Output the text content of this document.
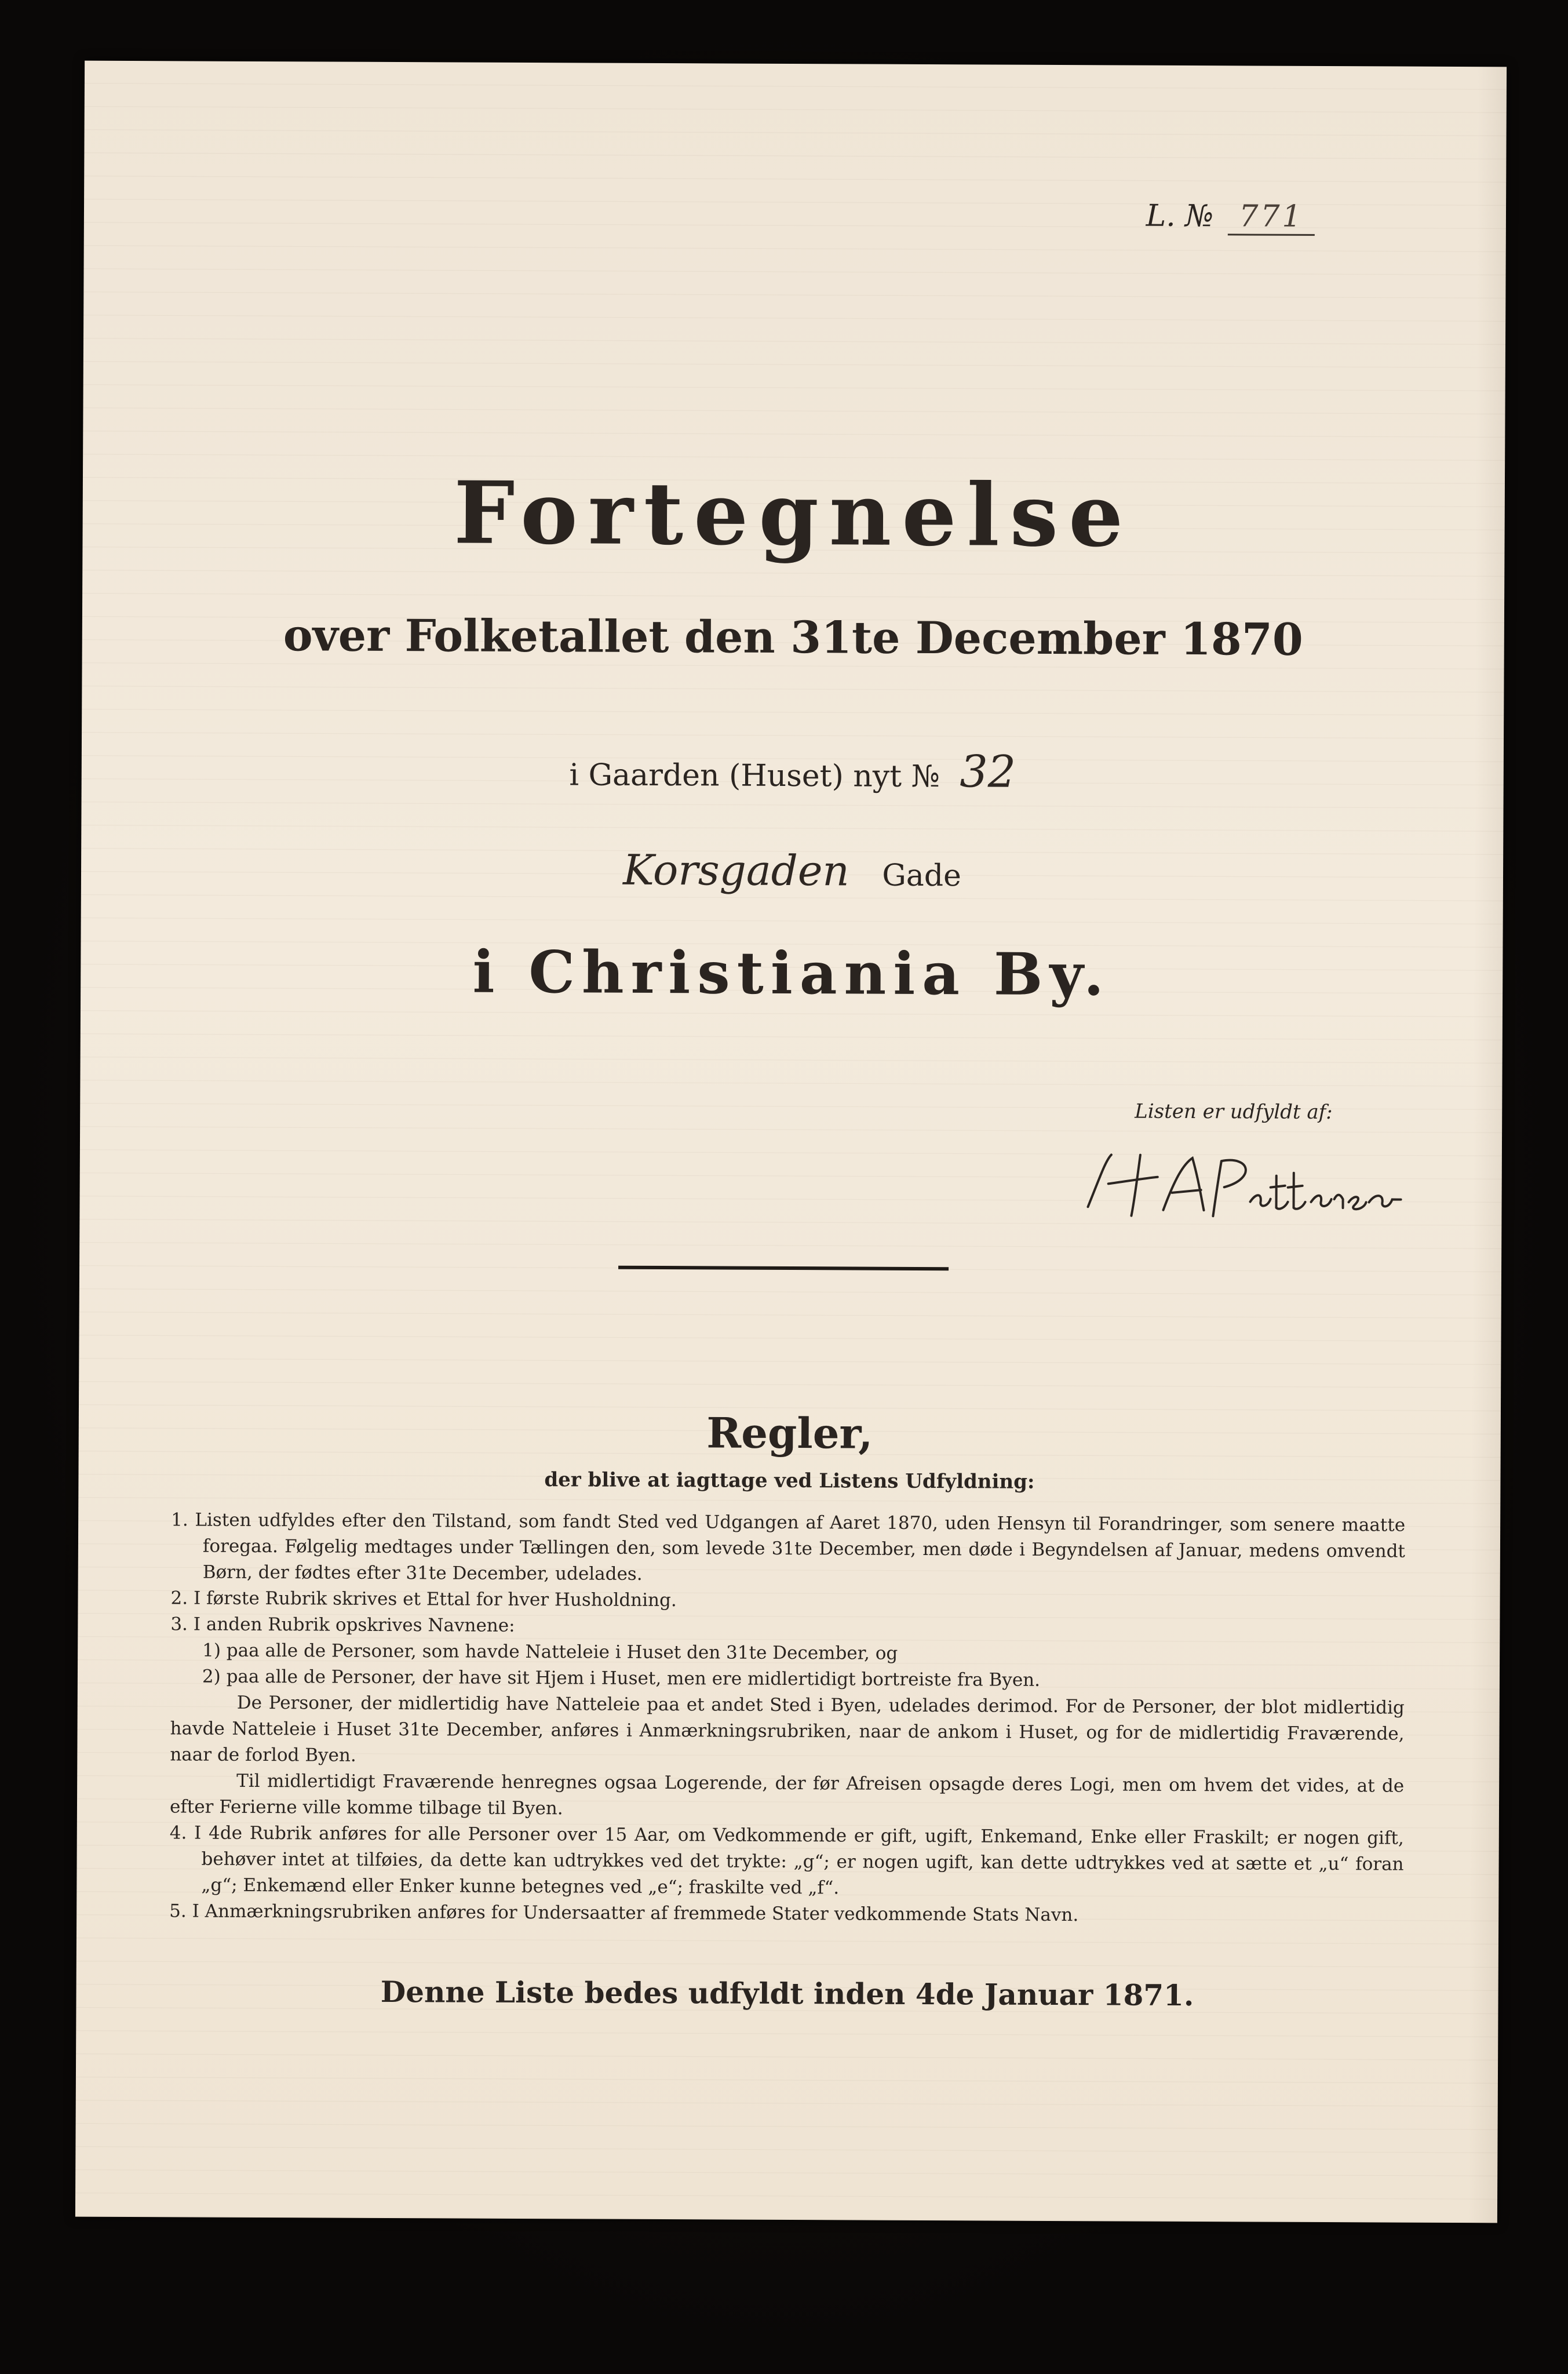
L. № 771
Fortegnelse
over Folketallet den 31te December 1870
i Gaarden (Huset) nyt № 32
Korsgaden Gade
i Christiania By.
Listen er udfyldt af:
Regler,
der blive at iagttage ved Listens Udfyldning:

1. Listen udfyldes efter den Tilstand, som fandt Sted ved Udgangen af Aaret 1870, uden Hensyn til Forandringer, som senere maatte foregaa. Følgelig medtages under Tællingen den, som levede 31te December, men døde i Begyndelsen af Januar, medens omvendt Børn, der fødtes efter 31te December, udelades.

2. I første Rubrik skrives et Ettal for hver Husholdning.

3. I anden Rubrik opskrives Navnene:

1) paa alle de Personer, som havde Natteleie i Huset den 31te December, og

2) paa alle de Personer, der have sit Hjem i Huset, men ere midlertidigt bortreiste fra Byen.

De Personer, der midlertidig have Natteleie paa et andet Sted i Byen, udelades derimod. For de Personer, der blot midlertidig havde Natteleie i Huset 31te December, anføres i Anmærkningsrubriken, naar de ankom i Huset, og for de midlertidig Fraværende, naar de forlod Byen.

Til midlertidigt Fraværende henregnes ogsaa Logerende, der før Afreisen opsagde deres Logi, men om hvem det vides, at de efter Ferierne ville komme tilbage til Byen.

4. I 4de Rubrik anføres for alle Personer over 15 Aar, om Vedkommende er gift, ugift, Enkemand, Enke eller Fraskilt; er nogen gift, behøver intet at tilføies, da dette kan udtrykkes ved det trykte: „g“; er nogen ugift, kan dette udtrykkes ved at sætte et „u“ foran „g“; Enkemænd eller Enker kunne betegnes ved „e“; fraskilte ved „f“.

5. I Anmærkningsrubriken anføres for Undersaatter af fremmede Stater vedkommende Stats Navn.

Denne Liste bedes udfyldt inden 4de Januar 1871.
